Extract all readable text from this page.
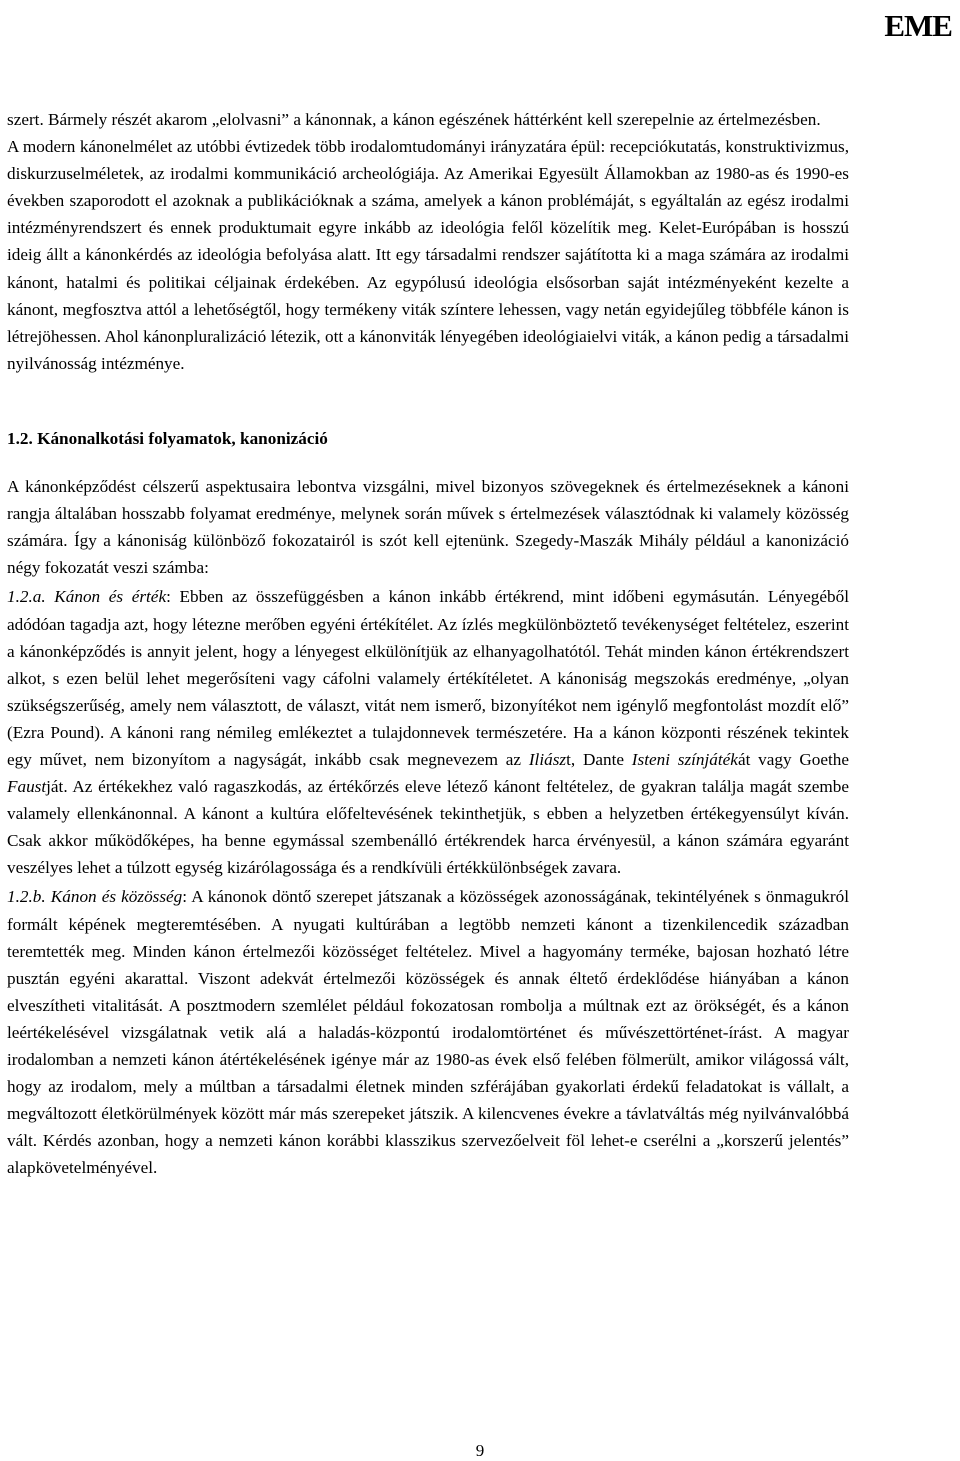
EME

szert. Bármely részét akarom „elolvasni” a kánonnak, a kánon egészének háttérként kell szerepelnie az értelmezésben.

A modern kánonelmélet az utóbbi évtizedek több irodalomtudományi irányzatára épül: recepciókutatás, konstruktivizmus, diskurzuselméletek, az irodalmi kommunikáció archeológiája. Az Amerikai Egyesült Államokban az 1980-as és 1990-es években szaporodott el azoknak a publikációknak a száma, amelyek a kánon problémáját, s egyáltalán az egész irodalmi intézményrendszert és ennek produktumait egyre inkább az ideológia felől közelítik meg. Kelet-Európában is hosszú ideig állt a kánonkérdés az ideológia befolyása alatt. Itt egy társadalmi rendszer sajátította ki a maga számára az irodalmi kánont, hatalmi és politikai céljainak érdekében. Az egypólusú ideológia elsősorban saját intézményeként kezelte a kánont, megfosztva attól a lehetőségtől, hogy termékeny viták színtere lehessen, vagy netán egyidejűleg többféle kánon is létrejöhessen. Ahol kánonpluralizáció létezik, ott a kánonviták lényegében ideológiaielvi viták, a kánon pedig a társadalmi nyilvánosság intézménye.

1.2. Kánonalkotási folyamatok, kanonizáció

A kánonképződést célszerű aspektusaira lebontva vizsgálni, mivel bizonyos szövegeknek és értelmezéseknek a kánoni rangja általában hosszabb folyamat eredménye, melynek során művek s értelmezések választódnak ki valamely közösség számára. Így a kánoniság különböző fokozatairól is szót kell ejtenünk. Szegedy-Maszák Mihály például a kanonizáció négy fokozatát veszi számba:

1.2.a. Kánon és érték: Ebben az összefüggésben a kánon inkább értékrend, mint időbeni egymásután. Lényegéből adódóan tagadja azt, hogy létezne merőben egyéni értékítélet. Az ízlés megkülönböztető tevékenységet feltételez, eszerint a kánonképződés is annyit jelent, hogy a lényegest elkülönítjük az elhanyagolhatótól. Tehát minden kánon értékrendszert alkot, s ezen belül lehet megerősíteni vagy cáfolni valamely értékítéletet. A kánoniság megszokás eredménye, „olyan szükségszerűség, amely nem választott, de választ, vitát nem ismerő, bizonyítékot nem igénylő megfontolást mozdít elő” (Ezra Pound). A kánoni rang némileg emlékeztet a tulajdonnevek természetére. Ha a kánon központi részének tekintek egy művet, nem bizonyítom a nagyságát, inkább csak megnevezem az Iliászt, Dante Isteni színjátékát vagy Goethe Faustját. Az értékekhez való ragaszkodás, az értékőrzés eleve létező kánont feltételez, de gyakran találja magát szembe valamely ellenkánonnal. A kánont a kultúra előfeltevésének tekinthetjük, s ebben a helyzetben értékegyensúlyt kíván. Csak akkor működőképes, ha benne egymással szembenálló értékrendek harca érvényesül, a kánon számára egyaránt veszélyes lehet a túlzott egység kizárólagossága és a rendkívüli értékkülönbségek zavara.

1.2.b. Kánon és közösség: A kánonok döntő szerepet játszanak a közösségek azonosságának, tekintélyének s önmagukról formált képének megteremtésében. A nyugati kultúrában a legtöbb nemzeti kánont a tizenkilencedik században teremtették meg. Minden kánon értelmezői közösséget feltételez. Mivel a hagyomány terméke, bajosan hozható létre pusztán egyéni akarattal. Viszont adekvát értelmezői közösségek és annak éltető érdeklődése hiányában a kánon elveszítheti vitalitását. A posztmodern szemlélet például fokozatosan rombolja a múltnak ezt az örökségét, és a kánon leértékelésével vizsgálatnak vetik alá a haladás-központú irodalomtörténet és művészettörténet-írást. A magyar irodalomban a nemzeti kánon átértékelésének igénye már az 1980-as évek első felében fölmerült, amikor világossá vált, hogy az irodalom, mely a múltban a társadalmi életnek minden szférájában gyakorlati érdekű feladatokat is vállalt, a megváltozott életkörülmények között már más szerepeket játszik. A kilencvenes évekre a távlatváltás még nyilvánvalóbbá vált. Kérdés azonban, hogy a nemzeti kánon korábbi klasszikus szervezőelveit föl lehet-e cserélni a „korszerű jelentés” alapkövetelményével.

9
